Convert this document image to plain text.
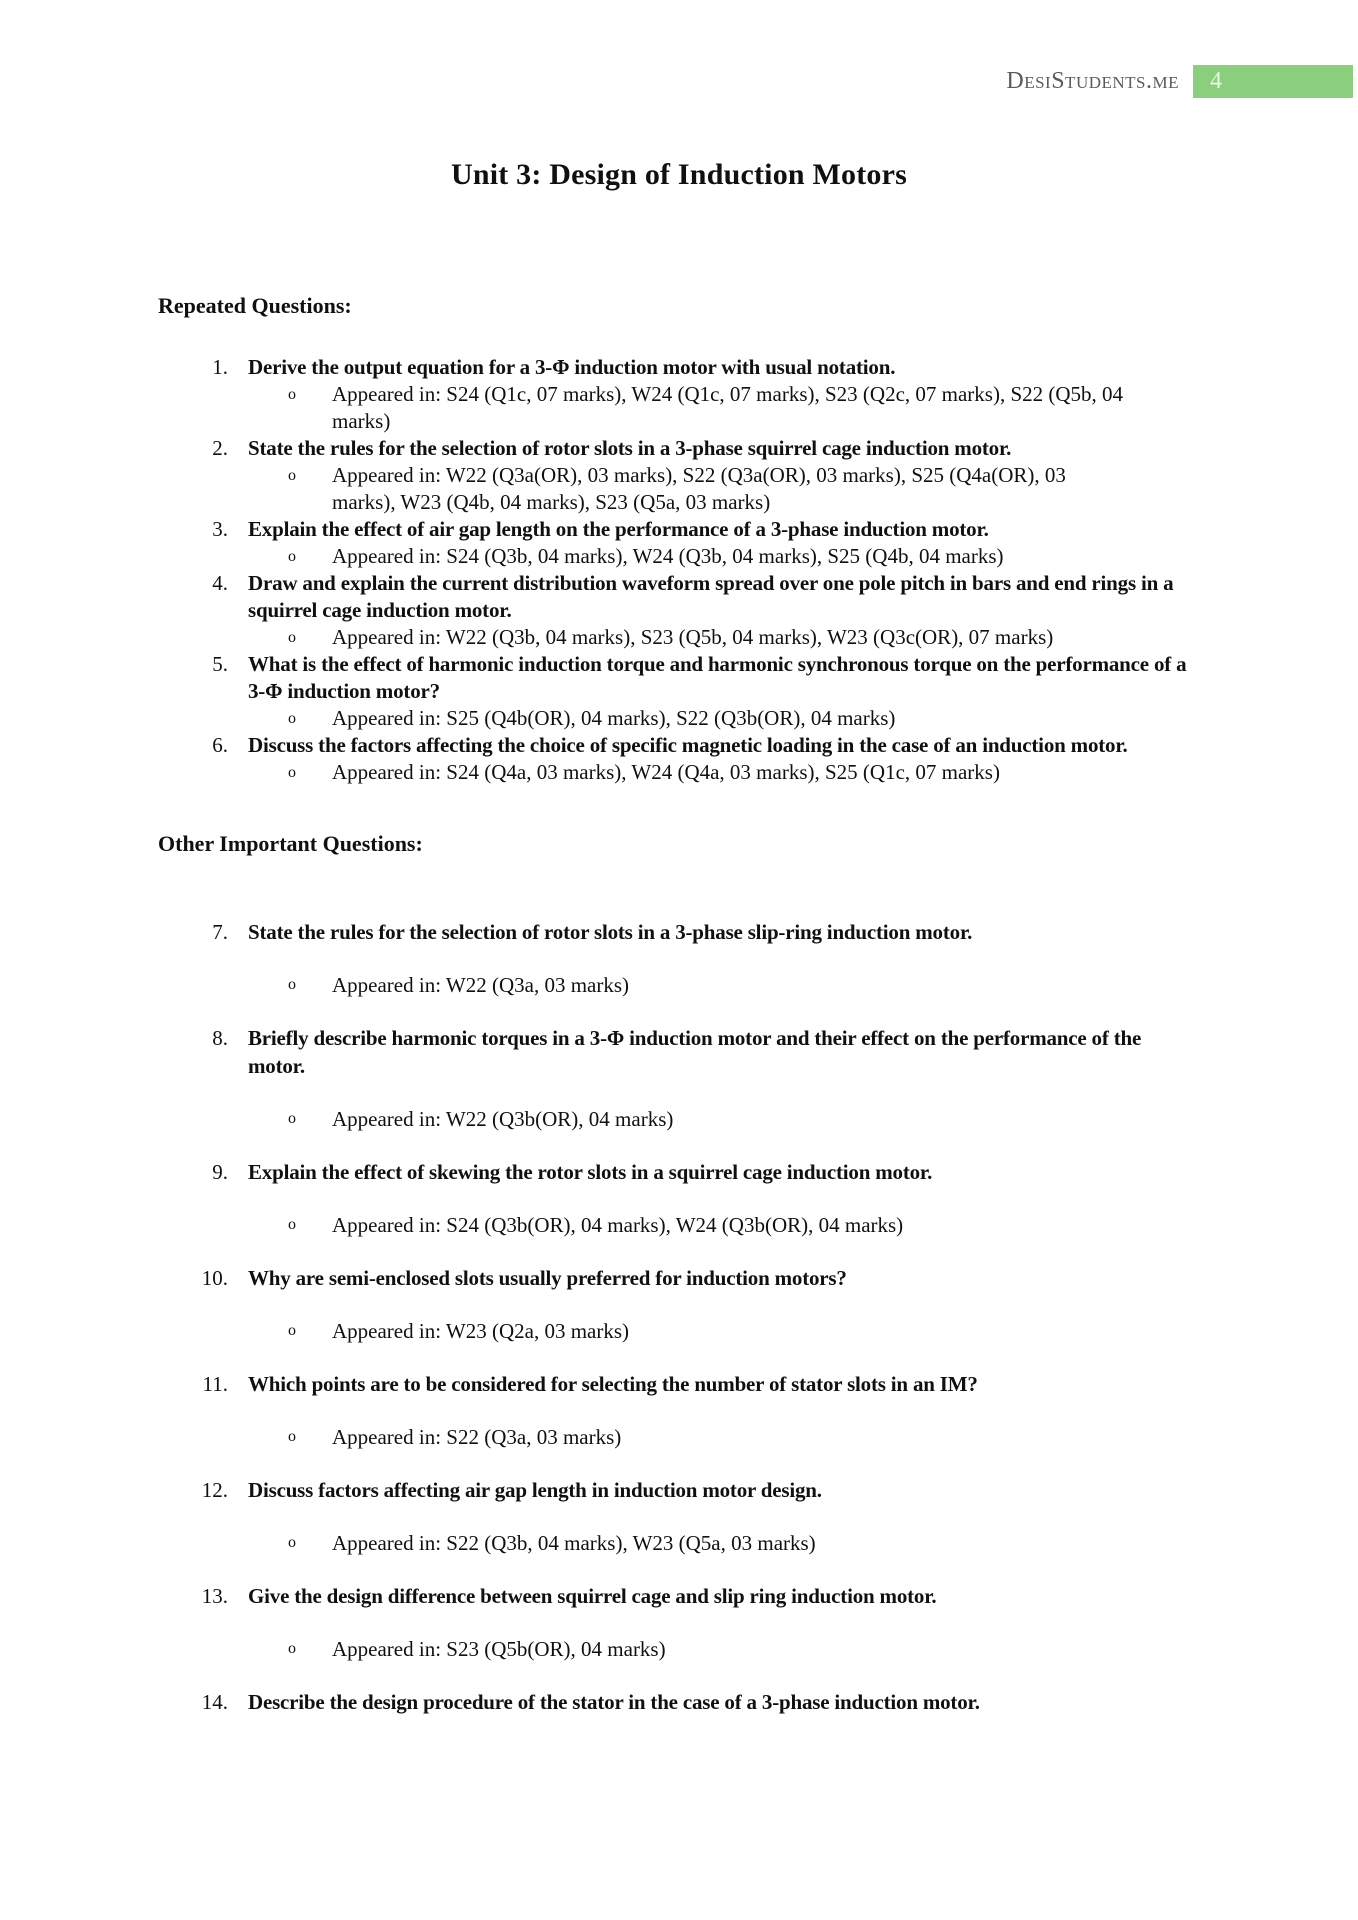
DesiStudents.me 4
Unit 3: Design of Induction Motors
Repeated Questions:
1. Derive the output equation for a 3-Φ induction motor with usual notation.
o Appeared in: S24 (Q1c, 07 marks), W24 (Q1c, 07 marks), S23 (Q2c, 07 marks), S22 (Q5b, 04 marks)
2. State the rules for the selection of rotor slots in a 3-phase squirrel cage induction motor.
o Appeared in: W22 (Q3a(OR), 03 marks), S22 (Q3a(OR), 03 marks), S25 (Q4a(OR), 03 marks), W23 (Q4b, 04 marks), S23 (Q5a, 03 marks)
3. Explain the effect of air gap length on the performance of a 3-phase induction motor.
o Appeared in: S24 (Q3b, 04 marks), W24 (Q3b, 04 marks), S25 (Q4b, 04 marks)
4. Draw and explain the current distribution waveform spread over one pole pitch in bars and end rings in a squirrel cage induction motor.
o Appeared in: W22 (Q3b, 04 marks), S23 (Q5b, 04 marks), W23 (Q3c(OR), 07 marks)
5. What is the effect of harmonic induction torque and harmonic synchronous torque on the performance of a 3-Φ induction motor?
o Appeared in: S25 (Q4b(OR), 04 marks), S22 (Q3b(OR), 04 marks)
6. Discuss the factors affecting the choice of specific magnetic loading in the case of an induction motor.
o Appeared in: S24 (Q4a, 03 marks), W24 (Q4a, 03 marks), S25 (Q1c, 07 marks)
Other Important Questions:
7. State the rules for the selection of rotor slots in a 3-phase slip-ring induction motor.
o Appeared in: W22 (Q3a, 03 marks)
8. Briefly describe harmonic torques in a 3-Φ induction motor and their effect on the performance of the motor.
o Appeared in: W22 (Q3b(OR), 04 marks)
9. Explain the effect of skewing the rotor slots in a squirrel cage induction motor.
o Appeared in: S24 (Q3b(OR), 04 marks), W24 (Q3b(OR), 04 marks)
10. Why are semi-enclosed slots usually preferred for induction motors?
o Appeared in: W23 (Q2a, 03 marks)
11. Which points are to be considered for selecting the number of stator slots in an IM?
o Appeared in: S22 (Q3a, 03 marks)
12. Discuss factors affecting air gap length in induction motor design.
o Appeared in: S22 (Q3b, 04 marks), W23 (Q5a, 03 marks)
13. Give the design difference between squirrel cage and slip ring induction motor.
o Appeared in: S23 (Q5b(OR), 04 marks)
14. Describe the design procedure of the stator in the case of a 3-phase induction motor.
